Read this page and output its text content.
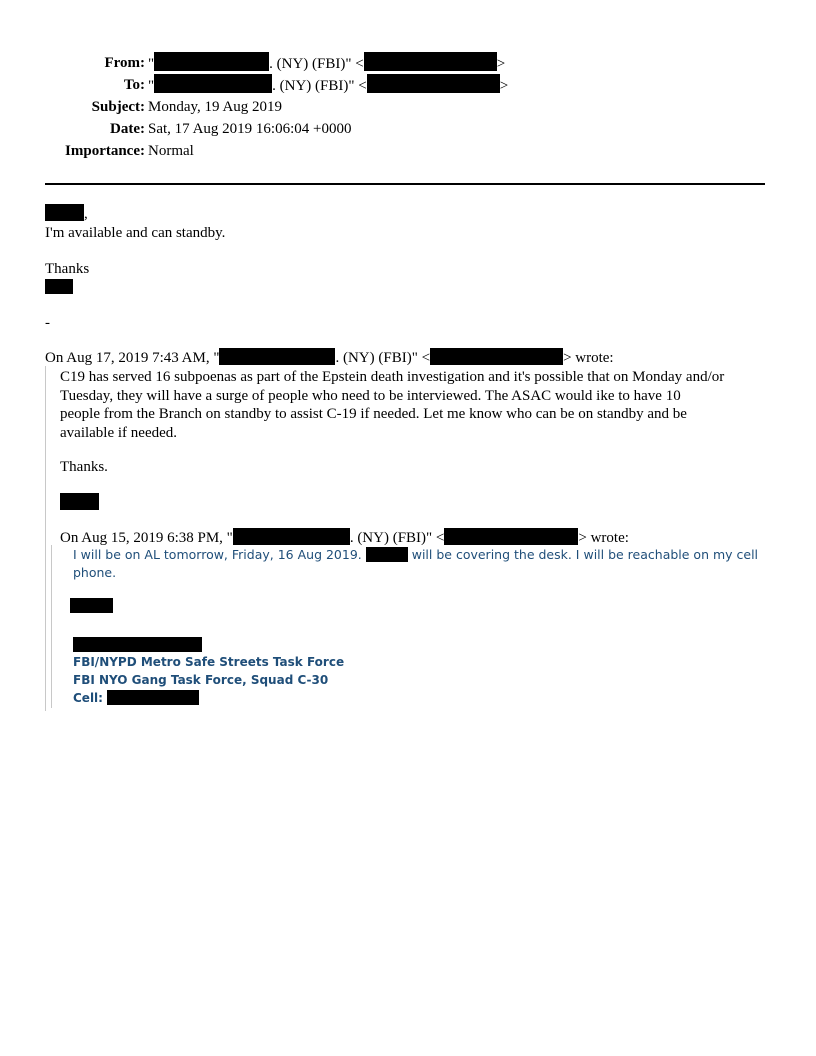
From: "	. (NY) (FBI)" <	>
To: "	. (NY) (FBI)" <	>
Subject: Monday, 19 Aug 2019
Date: Sat, 17 Aug 2019 16:06:04 +0000
Importance: Normal
,
I'm available and can standby.
Thanks
-
On Aug 17, 2019 7:43 AM, "	. (NY) (FBI)" <	> wrote:
C19 has served 16 subpoenas as part of the Epstein death investigation and it's possible that on Monday and/or
Tuesday, they will have a surge of people who need to be interviewed. The ASAC would ike to have 10
people from the Branch on standby to assist C-19 if needed. Let me know who can be on standby and be
available if needed.
Thanks.
On Aug 15, 2019 6:38 PM, "	. (NY) (FBI)" <	> wrote:
I will be on AL tomorrow, Friday, 16 Aug 2019.	will be covering the desk. I will be reachable on my cell
phone.
FBI/NYPD Metro Safe Streets Task Force
FBI NYO Gang Task Force, Squad C-30
Cell:
